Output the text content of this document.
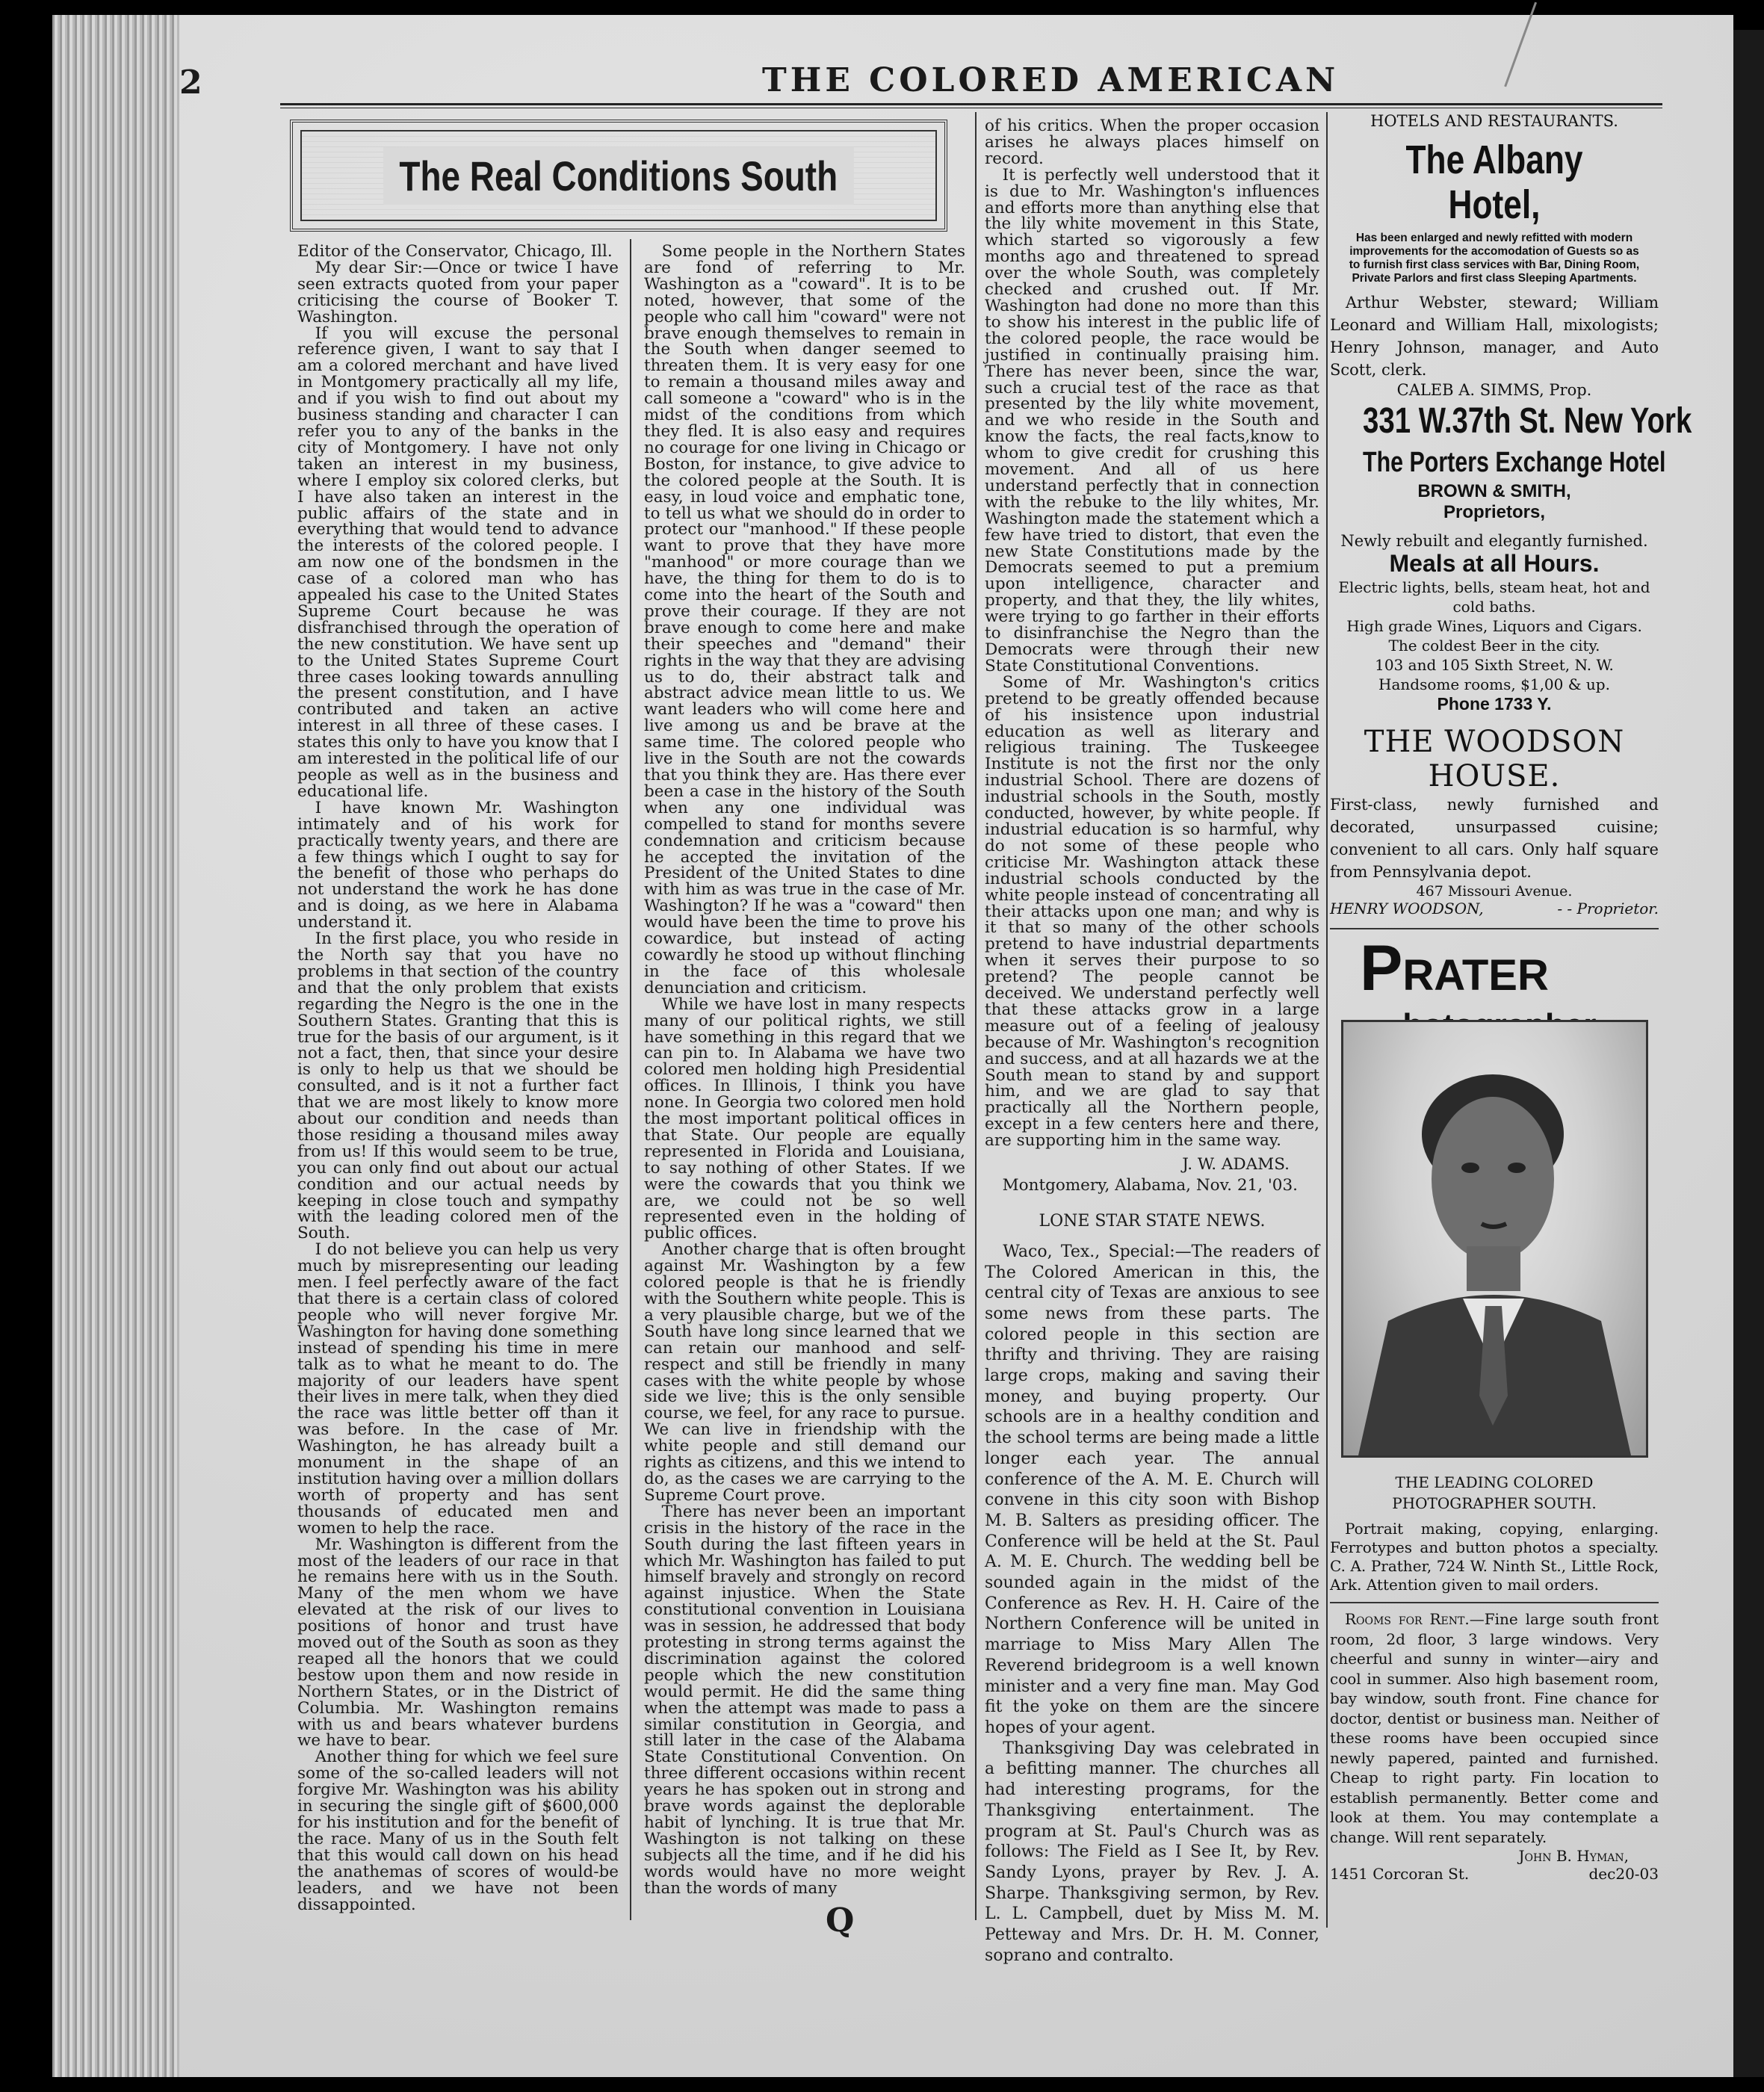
2	THE COLORED AMERICAN
The Real Conditions South

Editor of the Conservator, Chicago, Ill.

My dear Sir:—Once or twice I have seen extracts quoted from your paper criticising the course of Booker T. Washington.

If you will excuse the personal reference given, I want to say that I am a colored merchant and have lived in Montgomery practically all my life, and if you wish to find out about my business standing and character I can refer you to any of the banks in the city of Montgomery. I have not only taken an interest in my business, where I employ six colored clerks, but I have also taken an interest in the public affairs of the state and in everything that would tend to advance the interests of the colored people. I am now one of the bondsmen in the case of a colored man who has appealed his case to the United States Supreme Court because he was disfranchised through the operation of the new constitution. We have sent up to the United States Supreme Court three cases looking towards annulling the present constitution, and I have contributed and taken an active interest in all three of these cases. I states this only to have you know that I am interested in the political life of our people as well as in the business and educational life.

I have known Mr. Washington intimately and of his work for practically twenty years, and there are a few things which I ought to say for the benefit of those who perhaps do not understand the work he has done and is doing, as we here in Alabama understand it.

In the first place, you who reside in the North say that you have no problems in that section of the country and that the only problem that exists regarding the Negro is the one in the Southern States. Granting that this is true for the basis of our argument, is it not a fact, then, that since your desire is only to help us that we should be consulted, and is it not a further fact that we are most likely to know more about our condition and needs than those residing a thousand miles away from us! If this would seem to be true, you can only find out about our actual condition and our actual needs by keeping in close touch and sympathy with the leading colored men of the South.

I do not believe you can help us very much by misrepresenting our leading men. I feel perfectly aware of the fact that there is a certain class of colored people who will never forgive Mr. Washington for having done something instead of spending his time in mere talk as to what he meant to do. The majority of our leaders have spent their lives in mere talk, when they died the race was little better off than it was before. In the case of Mr. Washington, he has already built a monument in the shape of an institution having over a million dollars worth of property and has sent thousands of educated men and women to help the race.

Mr. Washington is different from the most of the leaders of our race in that he remains here with us in the South. Many of the men whom we have elevated at the risk of our lives to positions of honor and trust have moved out of the South as soon as they reaped all the honors that we could bestow upon them and now reside in Northern States, or in the District of Columbia. Mr. Washington remains with us and bears whatever burdens we have to bear.

Another thing for which we feel sure some of the so-called leaders will not forgive Mr. Washington was his ability in securing the single gift of $600,000 for his institution and for the benefit of the race. Many of us in the South felt that this would call down on his head the anathemas of scores of would-be leaders, and we have not been dissappointed.

Some people in the Northern States are fond of referring to Mr. Washington as a "coward". It is to be noted, however, that some of the people who call him "coward" were not brave enough themselves to remain in the South when danger seemed to threaten them. It is very easy for one to remain a thousand miles away and call someone a "coward" who is in the midst of the conditions from which they fled. It is also easy and requires no courage for one living in Chicago or Boston, for instance, to give advice to the colored people at the South. It is easy, in loud voice and emphatic tone, to tell us what we should do in order to protect our "manhood." If these people want to prove that they have more "manhood" or more courage than we have, the thing for them to do is to come into the heart of the South and prove their courage. If they are not brave enough to come here and make their speeches and "demand" their rights in the way that they are advising us to do, their abstract talk and abstract advice mean little to us. We want leaders who will come here and live among us and be brave at the same time. The colored people who live in the South are not the cowards that you think they are. Has there ever been a case in the history of the South when any one individual was compelled to stand for months severe condemnation and criticism because he accepted the invitation of the President of the United States to dine with him as was true in the case of Mr. Washington? If he was a "coward" then would have been the time to prove his cowardice, but instead of acting cowardly he stood up without flinching in the face of this wholesale denunciation and criticism.

While we have lost in many respects many of our political rights, we still have something in this regard that we can pin to. In Alabama we have two colored men holding high Presidential offices. In Illinois, I think you have none. In Georgia two colored men hold the most important political offices in that State. Our people are equally represented in Florida and Louisiana, to say nothing of other States. If we were the cowards that you think we are, we could not be so well represented even in the holding of public offices.

Another charge that is often brought against Mr. Washington by a few colored people is that he is friendly with the Southern white people. This is a very plausible charge, but we of the South have long since learned that we can retain our manhood and self-respect and still be friendly in many cases with the white people by whose side we live; this is the only sensible course, we feel, for any race to pursue. We can live in friendship with the white people and still demand our rights as citizens, and this we intend to do, as the cases we are carrying to the Supreme Court prove.

There has never been an important crisis in the history of the race in the South during the last fifteen years in which Mr. Washington has failed to put himself bravely and strongly on record against injustice. When the State constitutional convention in Louisiana was in session, he addressed that body protesting in strong terms against the discrimination against the colored people which the new constitution would permit. He did the same thing when the attempt was made to pass a similar constitution in Georgia, and still later in the case of the Alabama State Constitutional Convention. On three different occasions within recent years he has spoken out in strong and brave words against the deplorable habit of lynching. It is true that Mr. Washington is not talking on these subjects all the time, and if he did his words would have no more weight than the words of many

of his critics. When the proper occasion arises he always places himself on record.

It is perfectly well understood that it is due to Mr. Washington's influences and efforts more than anything else that the lily white movement in this State, which started so vigorously a few months ago and threatened to spread over the whole South, was completely checked and crushed out. If Mr. Washington had done no more than this to show his interest in the public life of the colored people, the race would be justified in continually praising him. There has never been, since the war, such a crucial test of the race as that presented by the lily white movement, and we who reside in the South and know the facts, the real facts,know to whom to give credit for crushing this movement. And all of us here understand perfectly that in connection with the rebuke to the lily whites, Mr. Washington made the statement which a few have tried to distort, that even the new State Constitutions made by the Democrats seemed to put a premium upon intelligence, character and property, and that they, the lily whites, were trying to go farther in their efforts to disinfranchise the Negro than the Democrats were through their new State Constitutional Conventions.

Some of Mr. Washington's critics pretend to be greatly offended because of his insistence upon industrial education as well as literary and religious training. The Tuskeegee Institute is not the first nor the only industrial School. There are dozens of industrial schools in the South, mostly conducted, however, by white people. If industrial education is so harmful, why do not some of these people who criticise Mr. Washington attack these industrial schools conducted by the white people instead of concentrating all their attacks upon one man; and why is it that so many of the other schools pretend to have industrial departments when it serves their purpose to so pretend? The people cannot be deceived. We understand perfectly well that these attacks grow in a large measure out of a feeling of jealousy because of Mr. Washington's recognition and success, and at all hazards we at the South mean to stand by and support him, and we are glad to say that practically all the Northern people, except in a few centers here and there, are supporting him in the same way.

J. W. ADAMS.

Montgomery, Alabama, Nov. 21, '03.

LONE STAR STATE NEWS.

Waco, Tex., Special:—The readers of The Colored American in this, the central city of Texas are anxious to see some news from these parts. The colored people in this section are thrifty and thriving. They are raising large crops, making and saving their money, and buying property. Our schools are in a healthy condition and the school terms are being made a little longer each year. The annual conference of the A. M. E. Church will convene in this city soon with Bishop M. B. Salters as presiding officer. The Conference will be held at the St. Paul A. M. E. Church. The wedding bell be sounded again in the midst of the Conference as Rev. H. H. Caire of the Northern Conference will be united in marriage to Miss Mary Allen The Reverend bridegroom is a well known minister and a very fine man. May God fit the yoke on them are the sincere hopes of your agent.

Thanksgiving Day was celebrated in a befitting manner. The churches all had interesting programs, for the Thanksgiving entertainment. The program at St. Paul's Church was as follows: The Field as I See It, by Rev. Sandy Lyons, prayer by Rev. J. A. Sharpe. Thanksgiving sermon, by Rev. L. L. Campbell, duet by Miss M. M. Petteway and Mrs. Dr. H. M. Conner, soprano and contralto.

HOTELS AND RESTAURANTS.
The Albany Hotel,
Has been enlarged and newly refitted with modern improvements for the accomodation of Guests so as to furnish first class services with Bar, Dining Room, Private Parlors and first class Sleeping Apartments.

Arthur Webster, steward; William Leonard and William Hall, mixologists; Henry Johnson, manager, and Auto Scott, clerk.

CALEB A. SIMMS, Prop.
331 W.37th St. New York
The Porters Exchange Hotel
BROWN & SMITH,
Proprietors,
Newly rebuilt and elegantly furnished.
Meals at all Hours.
Electric lights, bells, steam heat, hot and cold baths.
High grade Wines, Liquors and Cigars.
The coldest Beer in the city.
103 and 105 Sixth Street, N. W.
Handsome rooms, $1,00 & up.
Phone 1733 Y.
THE WOODSON HOUSE.

First-class, newly furnished and decorated, unsurpassed cuisine; convenient to all cars. Only half square from Pennsylvania depot.

467 Missouri Avenue.
HENRY WOODSON,	- - Proprietor.
PRATER
THE LEADING COLORED PHOTOGRAPHER SOUTH.

Portrait making, copying, enlarging. Ferrotypes and button photos a specialty. C. A. Prather, 724 W. Ninth St., Little Rock, Ark. Attention given to mail orders.

Rooms for Rent.—Fine large south front room, 2d floor, 3 large windows. Very cheerful and sunny in winter—airy and cool in summer. Also high basement room, bay window, south front. Fine chance for doctor, dentist or business man. Neither of these rooms have been occupied since newly papered, painted and furnished. Cheap to right party. Fin location to establish permanently. Better come and look at them. You may contemplate a change. Will rent separately.

John B. Hyman,
1451 Corcoran St.	dec20-03
Q
